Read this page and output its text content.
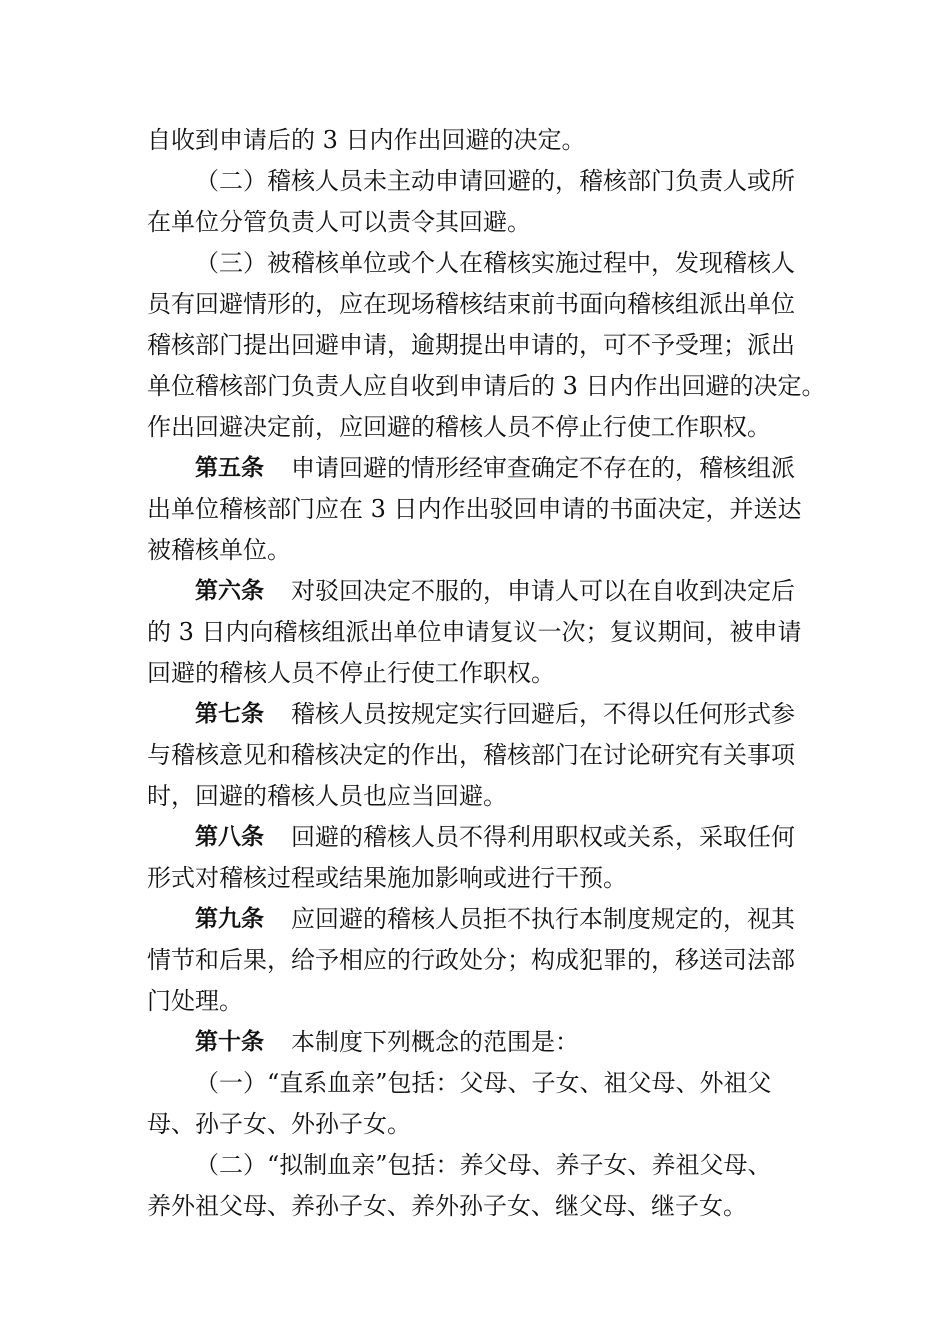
自收到申请后的 3 日内作出回避的决定。
（二）稽核人员未主动申请回避的，稽核部门负责人或所
在单位分管负责人可以责令其回避。
（三）被稽核单位或个人在稽核实施过程中，发现稽核人
员有回避情形的，应在现场稽核结束前书面向稽核组派出单位
稽核部门提出回避申请，逾期提出申请的，可不予受理；派出
单位稽核部门负责人应自收到申请后的 3 日内作出回避的决定。
作出回避决定前，应回避的稽核人员不停止行使工作职权。
第五条 申请回避的情形经审查确定不存在的，稽核组派
出单位稽核部门应在 3 日内作出驳回申请的书面决定，并送达
被稽核单位。
第六条 对驳回决定不服的，申请人可以在自收到决定后
的 3 日内向稽核组派出单位申请复议一次；复议期间，被申请
回避的稽核人员不停止行使工作职权。
第七条 稽核人员按规定实行回避后，不得以任何形式参
与稽核意见和稽核决定的作出，稽核部门在讨论研究有关事项
时，回避的稽核人员也应当回避。
第八条 回避的稽核人员不得利用职权或关系，采取任何
形式对稽核过程或结果施加影响或进行干预。
第九条 应回避的稽核人员拒不执行本制度规定的，视其
情节和后果，给予相应的行政处分；构成犯罪的，移送司法部
门处理。
第十条 本制度下列概念的范围是：
（一）“直系血亲”包括：父母、子女、祖父母、外祖父
母、孙子女、外孙子女。
（二）“拟制血亲”包括：养父母、养子女、养祖父母、
养外祖父母、养孙子女、养外孙子女、继父母、继子女。
